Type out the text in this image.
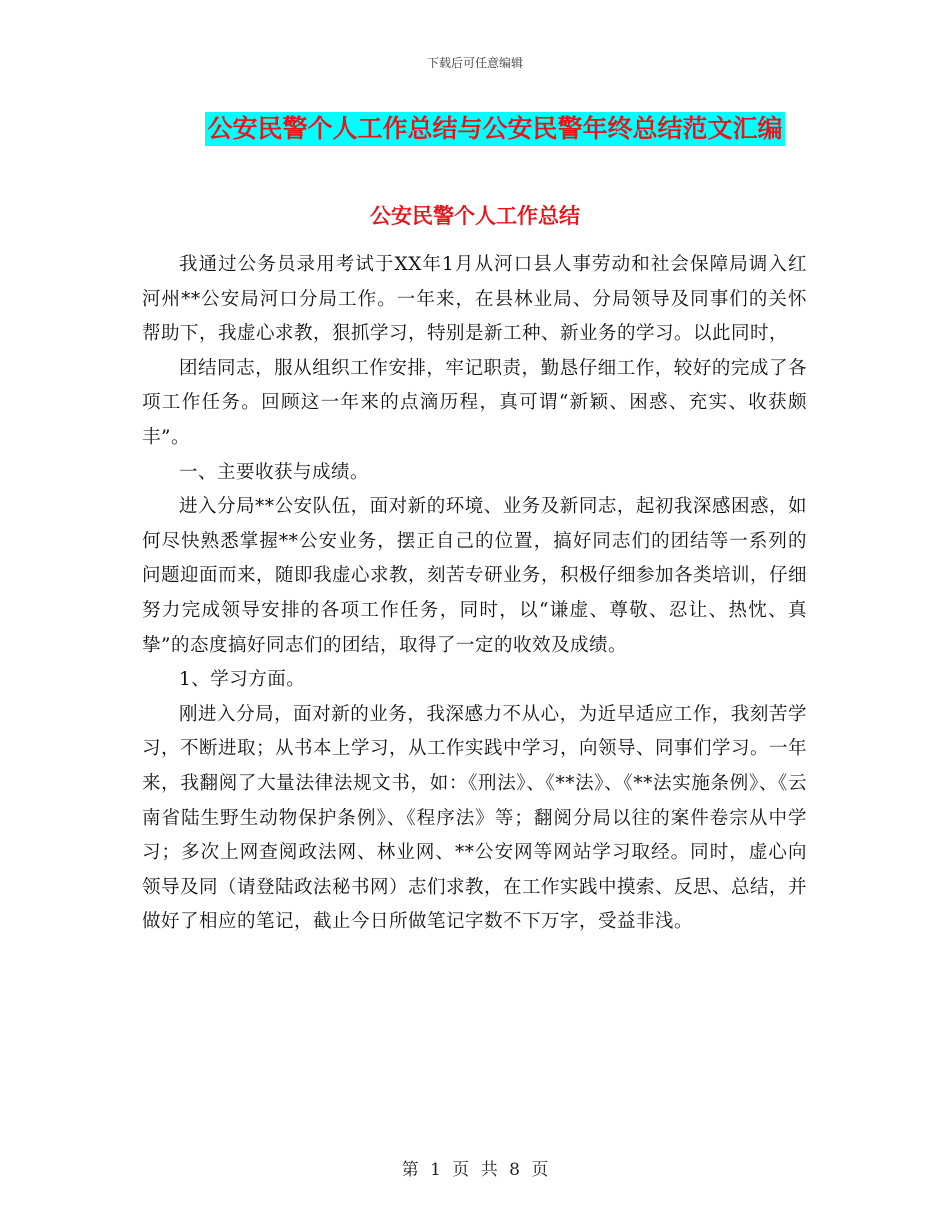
下载后可任意编辑
公安民警个人工作总结与公安民警年终总结范文汇编
公安民警个人工作总结

我通过公务员录用考试于XX年1月从河口县人事劳动和社会保障局调入红河州**公安局河口分局工作。一年来，在县林业局、分局领导及同事们的关怀帮助下，我虚心求教，狠抓学习，特别是新工种、新业务的学习。以此同时，

团结同志，服从组织工作安排，牢记职责，勤恳仔细工作，较好的完成了各项工作任务。回顾这一年来的点滴历程，真可谓“新颖、困惑、充实、收获颇丰”。

一、主要收获与成绩。

进入分局**公安队伍，面对新的环境、业务及新同志，起初我深感困惑，如何尽快熟悉掌握**公安业务，摆正自己的位置，搞好同志们的团结等一系列的问题迎面而来，随即我虚心求教，刻苦专研业务，积极仔细参加各类培训，仔细努力完成领导安排的各项工作任务，同时，以“谦虚、尊敬、忍让、热忱、真挚”的态度搞好同志们的团结，取得了一定的收效及成绩。

1、学习方面。

刚进入分局，面对新的业务，我深感力不从心，为近早适应工作，我刻苦学习，不断进取；从书本上学习，从工作实践中学习，向领导、同事们学习。一年来，我翻阅了大量法律法规文书，如：《刑法》、《**法》、《**法实施条例》、《云南省陆生野生动物保护条例》、《程序法》等；翻阅分局以往的案件卷宗从中学习；多次上网查阅政法网、林业网、**公安网等网站学习取经。同时，虚心向领导及同（请登陆政法秘书网）志们求教，在工作实践中摸索、反思、总结，并做好了相应的笔记，截止今日所做笔记字数不下万字，受益非浅。

第 1 页 共 8 页
